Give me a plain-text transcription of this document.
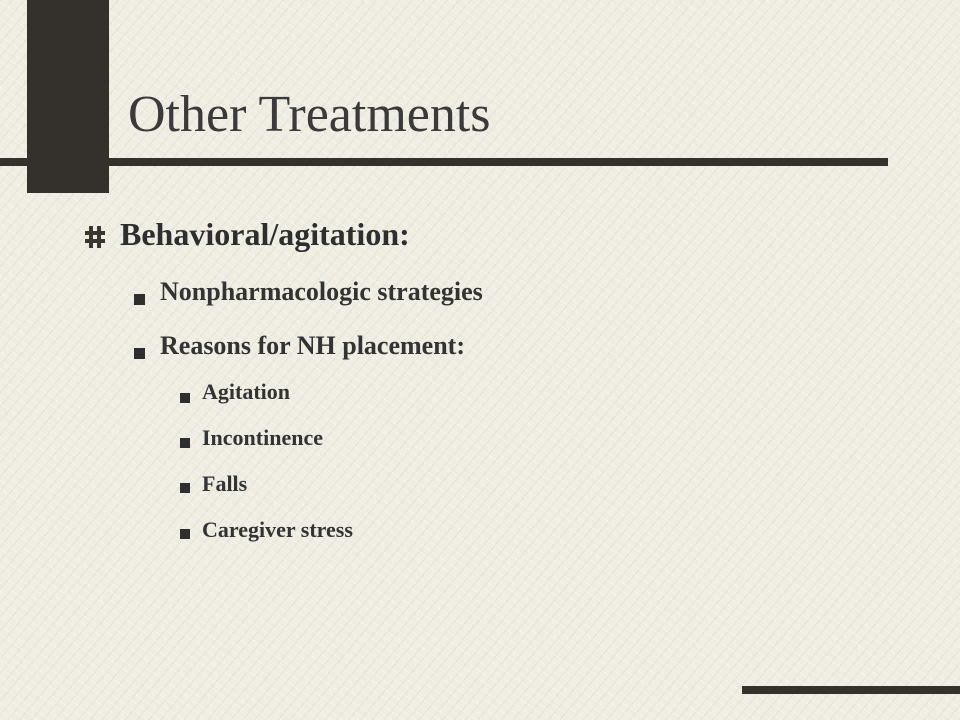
Other Treatments
Behavioral/agitation:
Nonpharmacologic strategies
Reasons for NH placement:
Agitation
Incontinence
Falls
Caregiver stress
